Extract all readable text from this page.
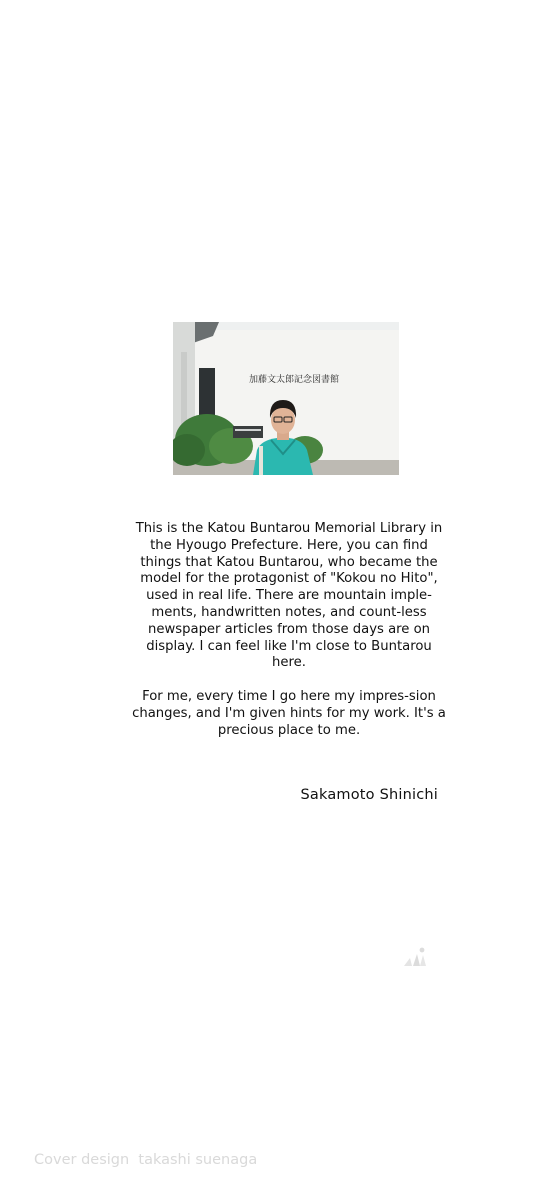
加藤文太郎記念図書館

This is the Katou Buntarou Memorial Library in the Hyougo Prefecture. Here, you can find things that Katou Buntarou, who became the model for the protagonist of "Kokou no Hito", used in real life. There are mountain imple-ments, handwritten notes, and count-less newspaper articles from those days are on display. I can feel like I'm close to Buntarou here.

For me, every time I go here my impres-sion changes, and I'm given hints for my work. It's a precious place to me.

Sakamoto Shinichi
Cover design  takashi suenaga
